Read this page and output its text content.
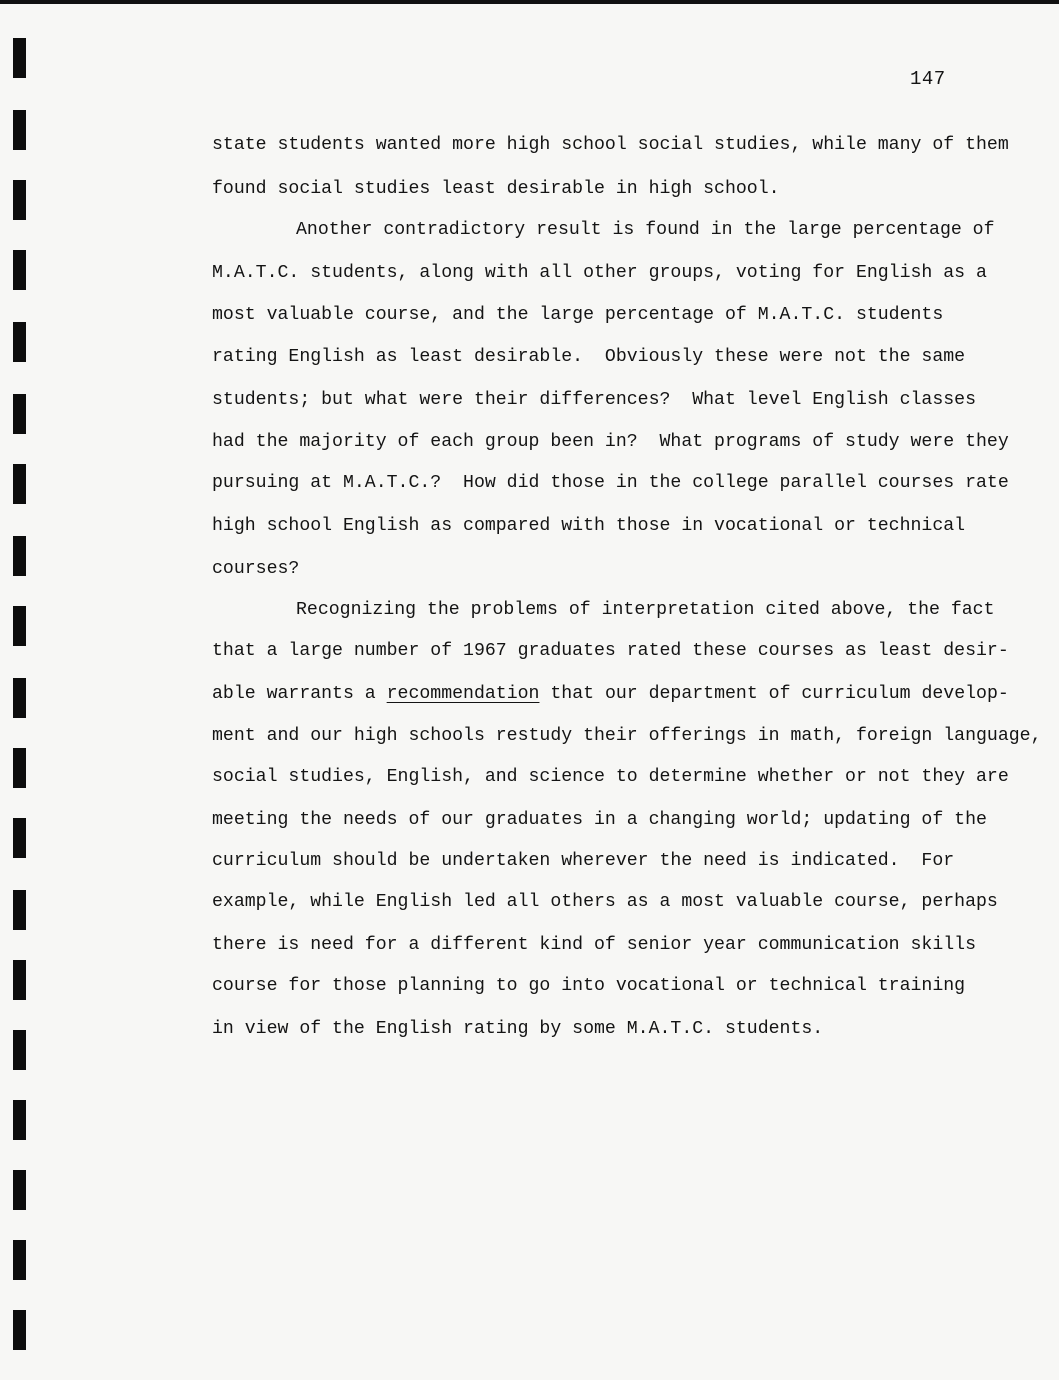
147
state students wanted more high school social studies, while many of them
found social studies least desirable in high school.
Another contradictory result is found in the large percentage of
M.A.T.C. students, along with all other groups, voting for English as a
most valuable course, and the large percentage of M.A.T.C. students
rating English as least desirable.  Obviously these were not the same
students; but what were their differences?  What level English classes
had the majority of each group been in?  What programs of study were they
pursuing at M.A.T.C.?  How did those in the college parallel courses rate
high school English as compared with those in vocational or technical
courses?
Recognizing the problems of interpretation cited above, the fact
that a large number of 1967 graduates rated these courses as least desir-
able warrants a recommendation that our department of curriculum develop-
ment and our high schools restudy their offerings in math, foreign language,
social studies, English, and science to determine whether or not they are
meeting the needs of our graduates in a changing world; updating of the
curriculum should be undertaken wherever the need is indicated.  For
example, while English led all others as a most valuable course, perhaps
there is need for a different kind of senior year communication skills
course for those planning to go into vocational or technical training
in view of the English rating by some M.A.T.C. students.
